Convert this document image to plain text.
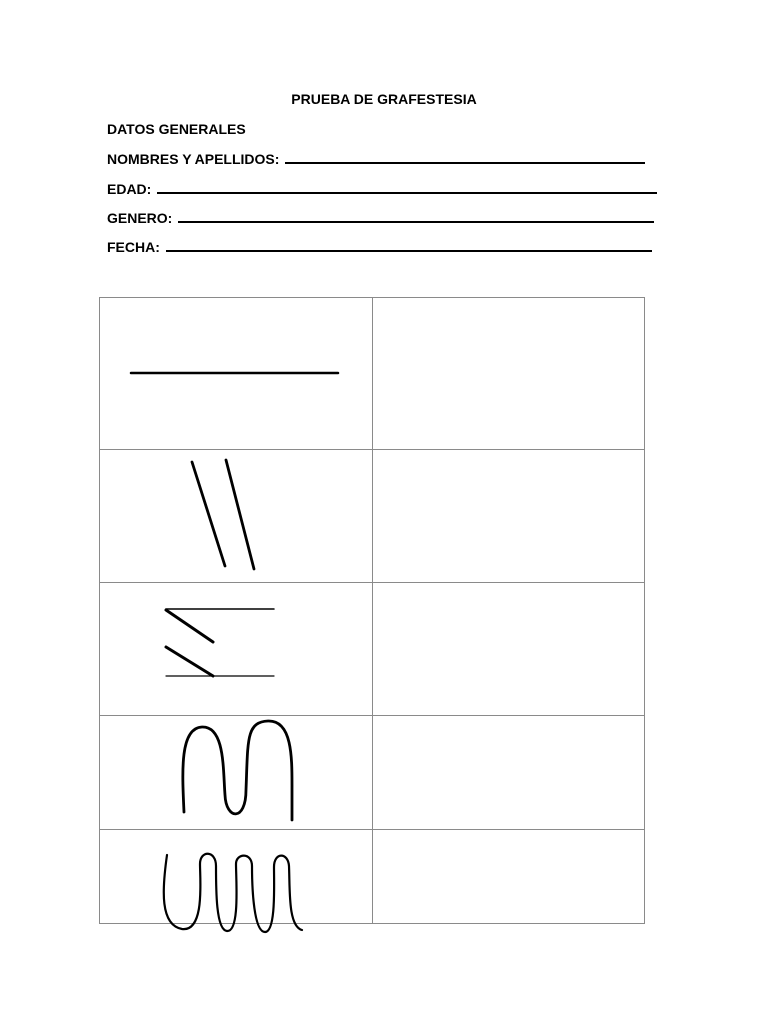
PRUEBA DE GRAFESTESIA
DATOS GENERALES
NOMBRES Y APELLIDOS:
EDAD:
GENERO:
FECHA:
